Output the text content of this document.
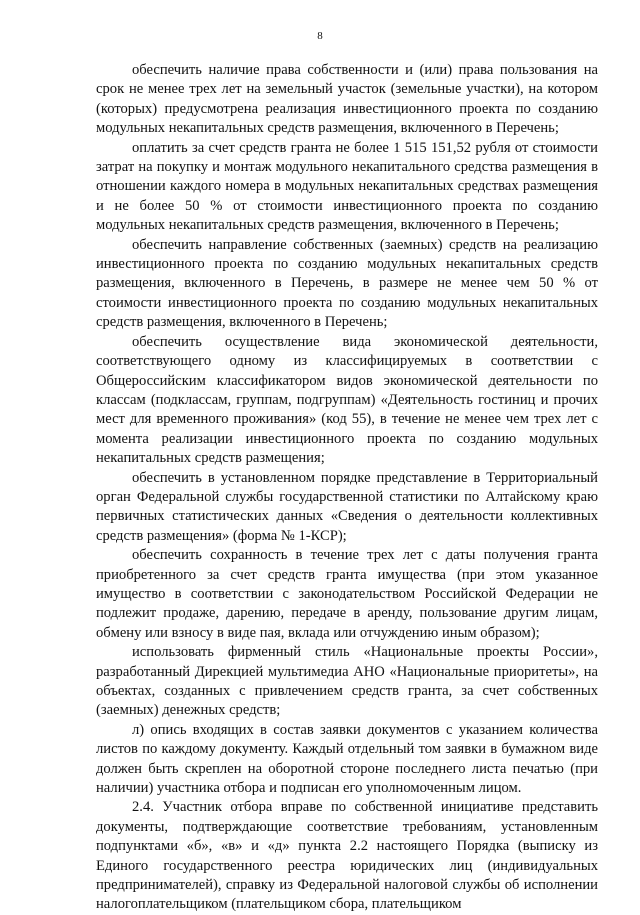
8

обеспечить наличие права собственности и (или) права пользования на срок не менее трех лет на земельный участок (земельные участки), на котором (которых) предусмотрена реализация инвестиционного проекта по созданию модульных некапитальных средств размещения, включенного в Перечень;

оплатить за счет средств гранта не более 1 515 151,52 рубля от стоимости затрат на покупку и монтаж модульного некапитального средства размещения в отношении каждого номера в модульных некапитальных средствах размещения и не более 50 % от стоимости инвестиционного проекта по созданию модульных некапитальных средств размещения, включенного в Перечень;

обеспечить направление собственных (заемных) средств на реализацию инвестиционного проекта по созданию модульных некапитальных средств размещения, включенного в Перечень, в размере не менее чем 50 % от стоимости инвестиционного проекта по созданию модульных некапитальных средств размещения, включенного в Перечень;

обеспечить осуществление вида экономической деятельности, соответствующего одному из классифицируемых в соответствии с Общероссийским классификатором видов экономической деятельности по классам (подклассам, группам, подгруппам) «Деятельность гостиниц и прочих мест для временного проживания» (код 55), в течение не менее чем трех лет с момента реализации инвестиционного проекта по созданию модульных некапитальных средств размещения;

обеспечить в установленном порядке представление в Территориальный орган Федеральной службы государственной статистики по Алтайскому краю первичных статистических данных «Сведения о деятельности коллективных средств размещения» (форма № 1-КСР);

обеспечить сохранность в течение трех лет с даты получения гранта приобретенного за счет средств гранта имущества (при этом указанное имущество в соответствии с законодательством Российской Федерации не подлежит продаже, дарению, передаче в аренду, пользование другим лицам, обмену или взносу в виде пая, вклада или отчуждению иным образом);

использовать фирменный стиль «Национальные проекты России», разработанный Дирекцией мультимедиа АНО «Национальные приоритеты», на объектах, созданных с привлечением средств гранта, за счет собственных (заемных) денежных средств;

л) опись входящих в состав заявки документов с указанием количества листов по каждому документу. Каждый отдельный том заявки в бумажном виде должен быть скреплен на оборотной стороне последнего листа печатью (при наличии) участника отбора и подписан его уполномоченным лицом.

2.4. Участник отбора вправе по собственной инициативе представить документы, подтверждающие соответствие требованиям, установленным подпунктами «б», «в» и «д» пункта 2.2 настоящего Порядка (выписку из Единого государственного реестра юридических лиц (индивидуальных предпринимателей), справку из Федеральной налоговой службы об исполнении налогоплательщиком (плательщиком сбора, плательщиком
